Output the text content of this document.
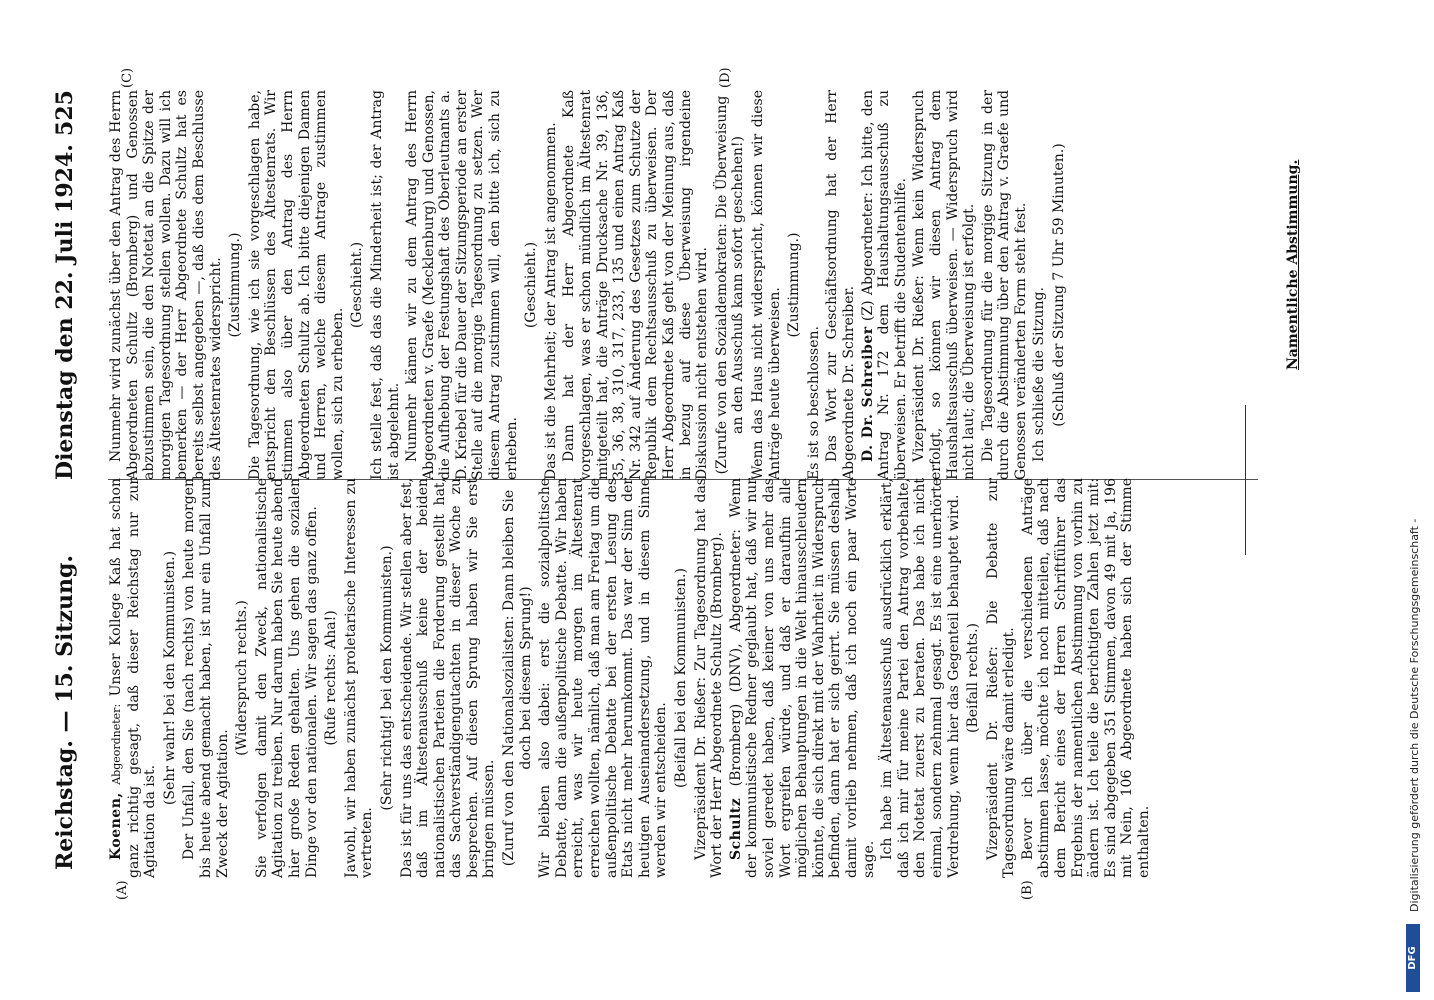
Reichstag. — 15. Sitzung.
Dienstag den 22. Juli 1924.
525
(A)	(B)
(C)	(D)

Koenen, Abgeordneter: Unser Kollege Kaß hat schon ganz richtig gesagt, daß dieser Reichstag nur zur Agitation da ist.

(Sehr wahr! bei den Kommunisten.) Der Unfall, den Sie (nach rechts) von heute morgen bis heute abend gemacht haben, ist nur ein Unfall zum Zweck der Agitation.

(Widerspruch rechts.) Sie verfolgen damit den Zweck, nationalistische Agitation zu treiben. Nur darum haben Sie heute abend hier große Reden gehalten. Uns gehen die sozialen Dinge vor den nationalen. Wir sagen das ganz offen. (Rufe rechts: Aha!) Jawohl, wir haben zunächst proletarische Interessen zu vertreten.

(Sehr richtig! bei den Kommunisten.) Das ist für uns das entscheidende. Wir stellen aber fest, daß im Ältestenausschuß keine der beiden nationalistischen Parteien die Forderung gestellt hat, das Sachverständigengutachten in dieser Woche zu besprechen. Auf diesen Sprung haben wir Sie erst bringen müssen. (Zuruf von den Nationalsozialisten: Dann bleiben Sie doch bei diesem Sprung!) Wir bleiben also dabei: erst die sozialpolitische Debatte, dann die außenpolitische Debatte. Wir haben erreicht, was wir heute morgen im Ältestenrat erreichen wollten, nämlich, daß man am Freitag um die außenpolitische Debatte bei der ersten Lesung des Etats nicht mehr herumkommt. Das war der Sinn der heutigen Auseinandersetzung, und in diesem Sinne werden wir entscheiden.

(Beifall bei den Kommunisten.) Vizepräsident Dr. Rießer: Zur Tagesordnung hat das Wort der Herr Abgeordnete Schultz (Bromberg). Schultz (Bromberg) (DNV), Abgeordneter: Wenn der kommunistische Redner geglaubt hat, daß wir nur soviel geredet haben, daß keiner von uns mehr das Wort ergreifen würde, und daß er daraufhin alle möglichen Behauptungen in die Welt hinausschleudern könnte, die sich direkt mit der Wahrheit in Widerspruch befinden, dann hat er sich geirrt. Sie müssen deshalb damit vorlieb nehmen, daß ich noch ein paar Worte sage. Ich habe im Ältestenausschuß ausdrücklich erklärt, daß ich mir für meine Partei den Antrag vorbehalte, den Notetat zuerst zu beraten. Das habe ich nicht einmal, sondern zehnmal gesagt. Es ist eine unerhörte Verdrehung, wenn hier das Gegenteil behauptet wird. (Beifall rechts.) Vizepräsident Dr. Rießer: Die Debatte zur Tagesordnung wäre damit erledigt. Bevor ich über die verschiedenen Anträge abstimmen lasse, möchte ich noch mitteilen, daß nach dem Bericht eines der Herren Schriftführer das Ergebnis der namentlichen Abstimmung von vorhin zu ändern ist. Ich teile die berichtigten Zahlen jetzt mit: Es sind abgegeben 351 Stimmen, davon 49 mit Ja, 196 mit Nein, 106 Abgeordnete haben sich der Stimme enthalten.

Nunmehr wird zunächst über den Antrag des Herrn Abgeordneten Schultz (Bromberg) und Genossen abzustimmen sein, die den Notetat an die Spitze der morgigen Tagesordnung stellen wollen. Dazu will ich bemerken — der Herr Abgeordnete Schultz hat es bereits selbst angegeben —, daß dies dem Beschlusse des Ältestenrates widerspricht. (Zustimmung.) Die Tagesordnung, wie ich sie vorgeschlagen habe, entspricht den Beschlüssen des Ältestenrats. Wir stimmen also über den Antrag des Herrn Abgeordneten Schultz ab. Ich bitte diejenigen Damen und Herren, welche diesem Antrage zustimmen wollen, sich zu erheben.

(Geschieht.) Ich stelle fest, daß das die Minderheit ist; der Antrag ist abgelehnt. Nunmehr kämen wir zu dem Antrag des Herrn Abgeordneten v. Graefe (Mecklenburg) und Genossen, die Aufhebung der Festungshaft des Oberleutnants a. D. Kriebel für die Dauer der Sitzungsperiode an erster Stelle auf die morgige Tagesordnung zu setzen. Wer diesem Antrag zustimmen will, den bitte ich, sich zu erheben.

(Geschieht.) Das ist die Mehrheit; der Antrag ist angenommen. Dann hat der Herr Abgeordnete Kaß vorgeschlagen, was er schon mündlich im Ältestenrat mitgeteilt hat, die Anträge Drucksache Nr. 39, 136, 35, 36, 38, 310, 317, 233, 135 und einen Antrag Kaß Nr. 342 auf Änderung des Gesetzes zum Schutze der Republik dem Rechtsausschuß zu überweisen. Der Herr Abgeordnete Kaß geht von der Meinung aus, daß in bezug auf diese Überweisung irgendeine Diskussion nicht entstehen wird. (Zurufe von den Sozialdemokraten: Die Überweisung an den Ausschuß kann sofort geschehen!) Wenn das Haus nicht widerspricht, können wir diese Anträge heute überweisen.

(Zustimmung.)

Es ist so beschlossen. Das Wort zur Geschäftsordnung hat der Herr Abgeordnete Dr. Schreiber. D. Dr. Schreiber (Z) Abgeordneter: Ich bitte, den Antrag Nr. 172 dem Haushaltungsausschuß zu überweisen. Er betrifft die Studentenhilfe. Vizepräsident Dr. Rießer: Wenn kein Widerspruch erfolgt, so können wir diesen Antrag dem Haushaltsausschuß überweisen. — Widerspruch wird nicht laut; die Überweisung ist erfolgt. Die Tagesordnung für die morgige Sitzung in der durch die Abstimmung über den Antrag v. Graefe und Genossen veränderten Form steht fest. Ich schließe die Sitzung. (Schluß der Sitzung 7 Uhr 59 Minuten.)	Namentliche Abstimmung.
DFG
Digitalisierung gefördert durch die Deutsche Forschungsgemeinschaft -
